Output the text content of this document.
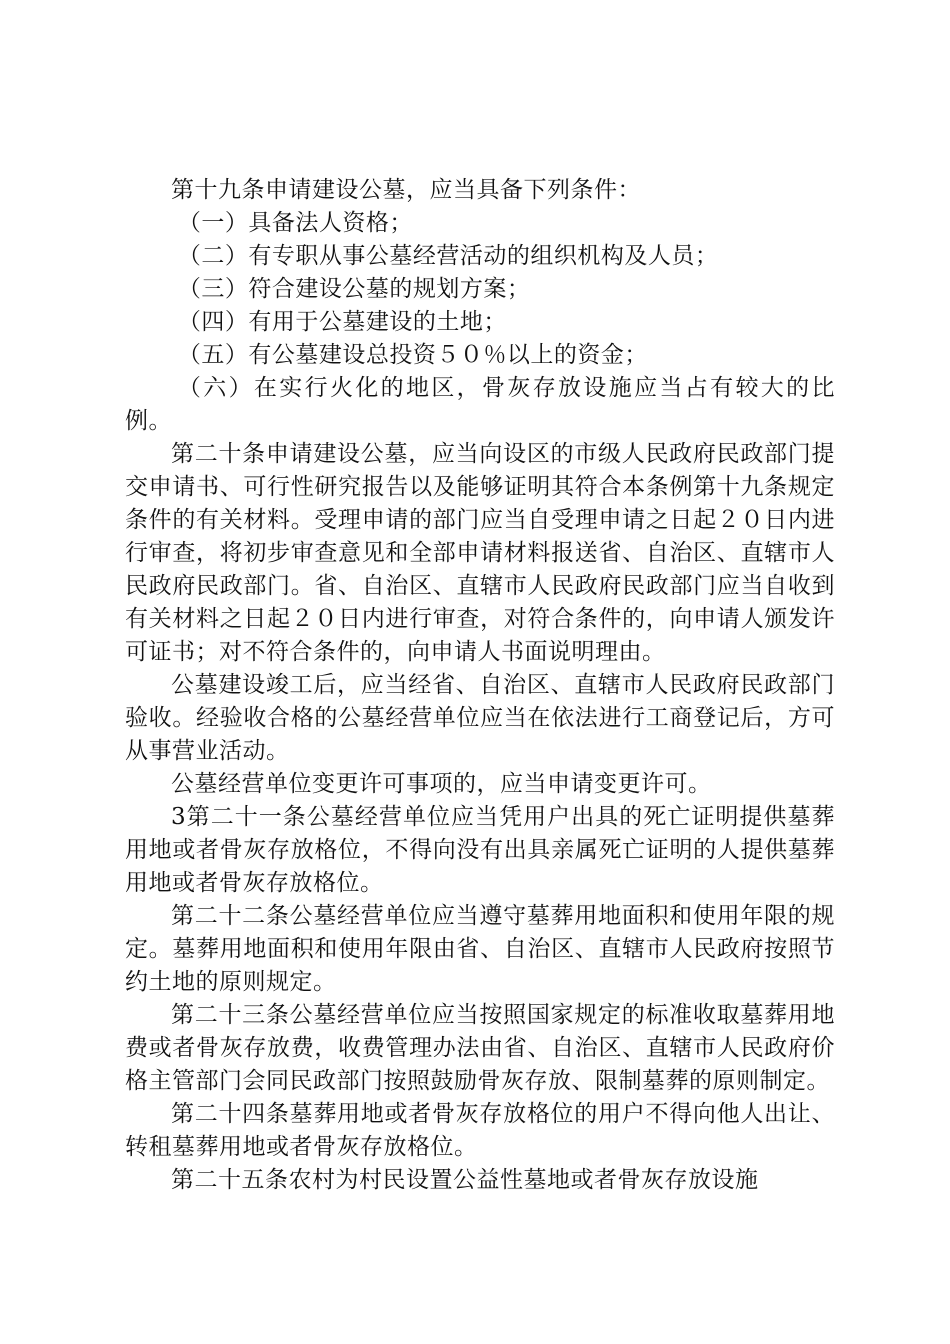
第十九条申请建设公墓，应当具备下列条件：

（一）具备法人资格；

（二）有专职从事公墓经营活动的组织机构及人员；

（三）符合建设公墓的规划方案；

（四）有用于公墓建设的土地；

（五）有公墓建设总投资５０％以上的资金；

（六）在实行火化的地区，骨灰存放设施应当占有较大的比例。

第二十条申请建设公墓，应当向设区的市级人民政府民政部门提交申请书、可行性研究报告以及能够证明其符合本条例第十九条规定条件的有关材料。受理申请的部门应当自受理申请之日起２０日内进行审查，将初步审查意见和全部申请材料报送省、自治区、直辖市人民政府民政部门。省、自治区、直辖市人民政府民政部门应当自收到有关材料之日起２０日内进行审查，对符合条件的，向申请人颁发许可证书；对不符合条件的，向申请人书面说明理由。

公墓建设竣工后，应当经省、自治区、直辖市人民政府民政部门验收。经验收合格的公墓经营单位应当在依法进行工商登记后，方可从事营业活动。

公墓经营单位变更许可事项的，应当申请变更许可。

3第二十一条公墓经营单位应当凭用户出具的死亡证明提供墓葬用地或者骨灰存放格位，不得向没有出具亲属死亡证明的人提供墓葬用地或者骨灰存放格位。

第二十二条公墓经营单位应当遵守墓葬用地面积和使用年限的规定。墓葬用地面积和使用年限由省、自治区、直辖市人民政府按照节约土地的原则规定。

第二十三条公墓经营单位应当按照国家规定的标准收取墓葬用地费或者骨灰存放费，收费管理办法由省、自治区、直辖市人民政府价格主管部门会同民政部门按照鼓励骨灰存放、限制墓葬的原则制定。

第二十四条墓葬用地或者骨灰存放格位的用户不得向他人出让、转租墓葬用地或者骨灰存放格位。

第二十五条农村为村民设置公益性墓地或者骨灰存放设施
